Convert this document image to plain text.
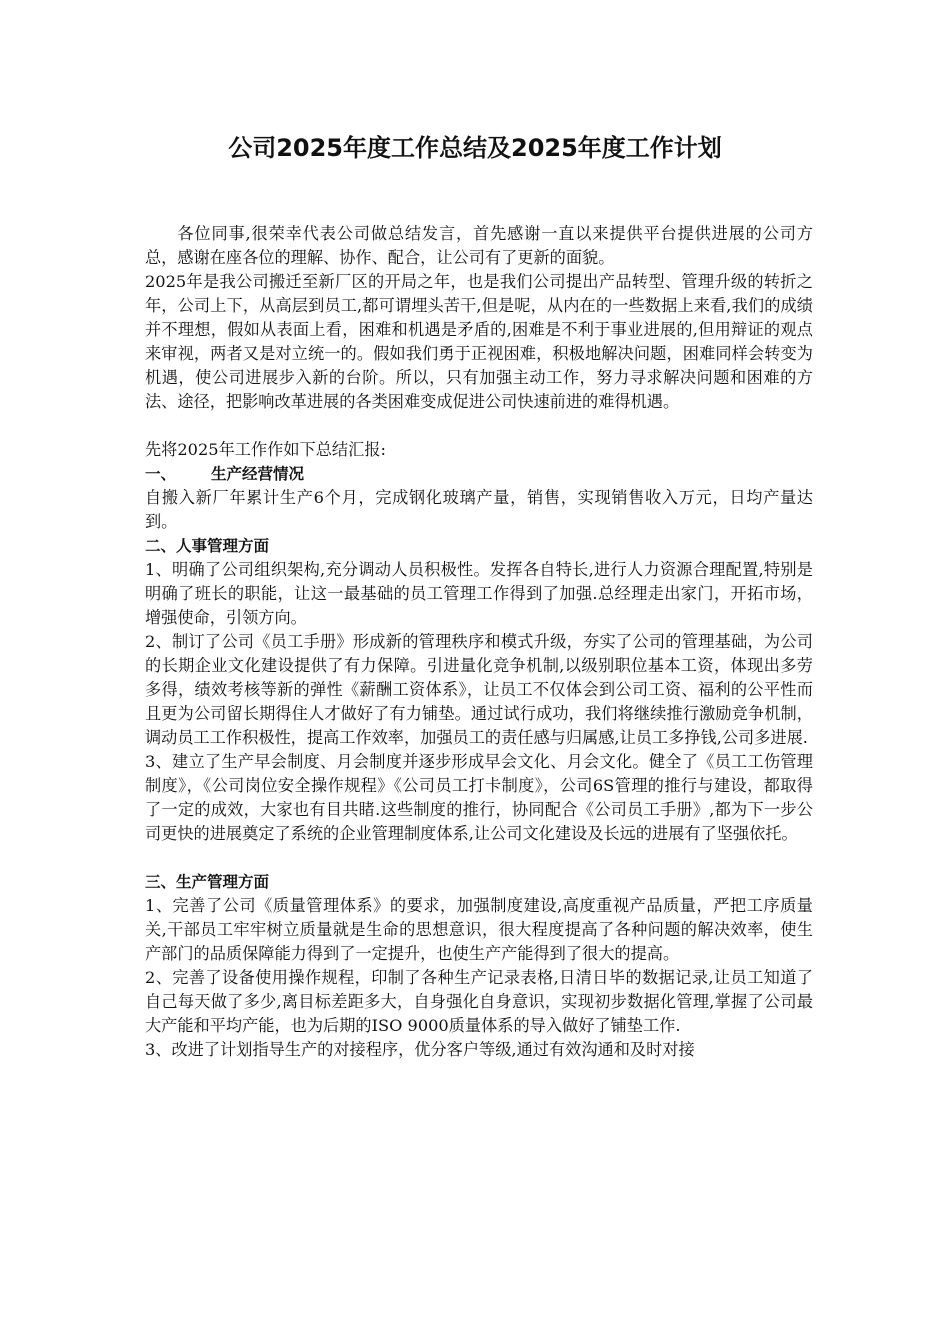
公司2025年度工作总结及2025年度工作计划

各位同事,很荣幸代表公司做总结发言，首先感谢一直以来提供平台提供进展的公司方总，感谢在座各位的理解、协作、配合，让公司有了更新的面貌。

2025年是我公司搬迁至新厂区的开局之年，也是我们公司提出产品转型、管理升级的转折之年，公司上下，从高层到员工,都可谓埋头苦干,但是呢，从内在的一些数据上来看,我们的成绩并不理想，假如从表面上看，困难和机遇是矛盾的,困难是不利于事业进展的,但用辩证的观点来审视，两者又是对立统一的。假如我们勇于正视困难，积极地解决问题，困难同样会转变为机遇，使公司进展步入新的台阶。所以，只有加强主动工作，努力寻求解决问题和困难的方法、途径，把影响改革进展的各类困难变成促进公司快速前进的难得机遇。

先将2025年工作作如下总结汇报:

一、 生产经营情况

自搬入新厂年累计生产6个月，完成钢化玻璃产量，销售，实现销售收入万元，日均产量达到。

二、人事管理方面

1、明确了公司组织架构,充分调动人员积极性。发挥各自特长,进行人力资源合理配置,特别是明确了班长的职能，让这一最基础的员工管理工作得到了加强.总经理走出家门，开拓市场，增强使命，引领方向。

2、制订了公司《员工手册》形成新的管理秩序和模式升级，夯实了公司的管理基础，为公司的长期企业文化建设提供了有力保障。引进量化竞争机制,以级别职位基本工资，体现出多劳多得，绩效考核等新的弹性《薪酬工资体系》，让员工不仅体会到公司工资、福利的公平性而且更为公司留长期得住人才做好了有力铺垫。通过试行成功，我们将继续推行激励竞争机制，调动员工工作积极性，提高工作效率，加强员工的责任感与归属感,让员工多挣钱,公司多进展.

3、建立了生产早会制度、月会制度并逐步形成早会文化、月会文化。健全了《员工工伤管理制度》，《公司岗位安全操作规程》《公司员工打卡制度》，公司6S管理的推行与建设，都取得了一定的成效，大家也有目共睹.这些制度的推行，协同配合《公司员工手册》,都为下一步公司更快的进展奠定了系统的企业管理制度体系,让公司文化建设及长远的进展有了坚强依托。

三、生产管理方面

1、完善了公司《质量管理体系》的要求，加强制度建设,高度重视产品质量，严把工序质量关,干部员工牢牢树立质量就是生命的思想意识，很大程度提高了各种问题的解决效率，使生产部门的品质保障能力得到了一定提升，也使生产产能得到了很大的提高。

2、完善了设备使用操作规程，印制了各种生产记录表格,日清日毕的数据记录,让员工知道了自己每天做了多少,离目标差距多大，自身强化自身意识，实现初步数据化管理,掌握了公司最大产能和平均产能，也为后期的ISO 9000质量体系的导入做好了铺垫工作.

3、改进了计划指导生产的对接程序，优分客户等级,通过有效沟通和及时对接
